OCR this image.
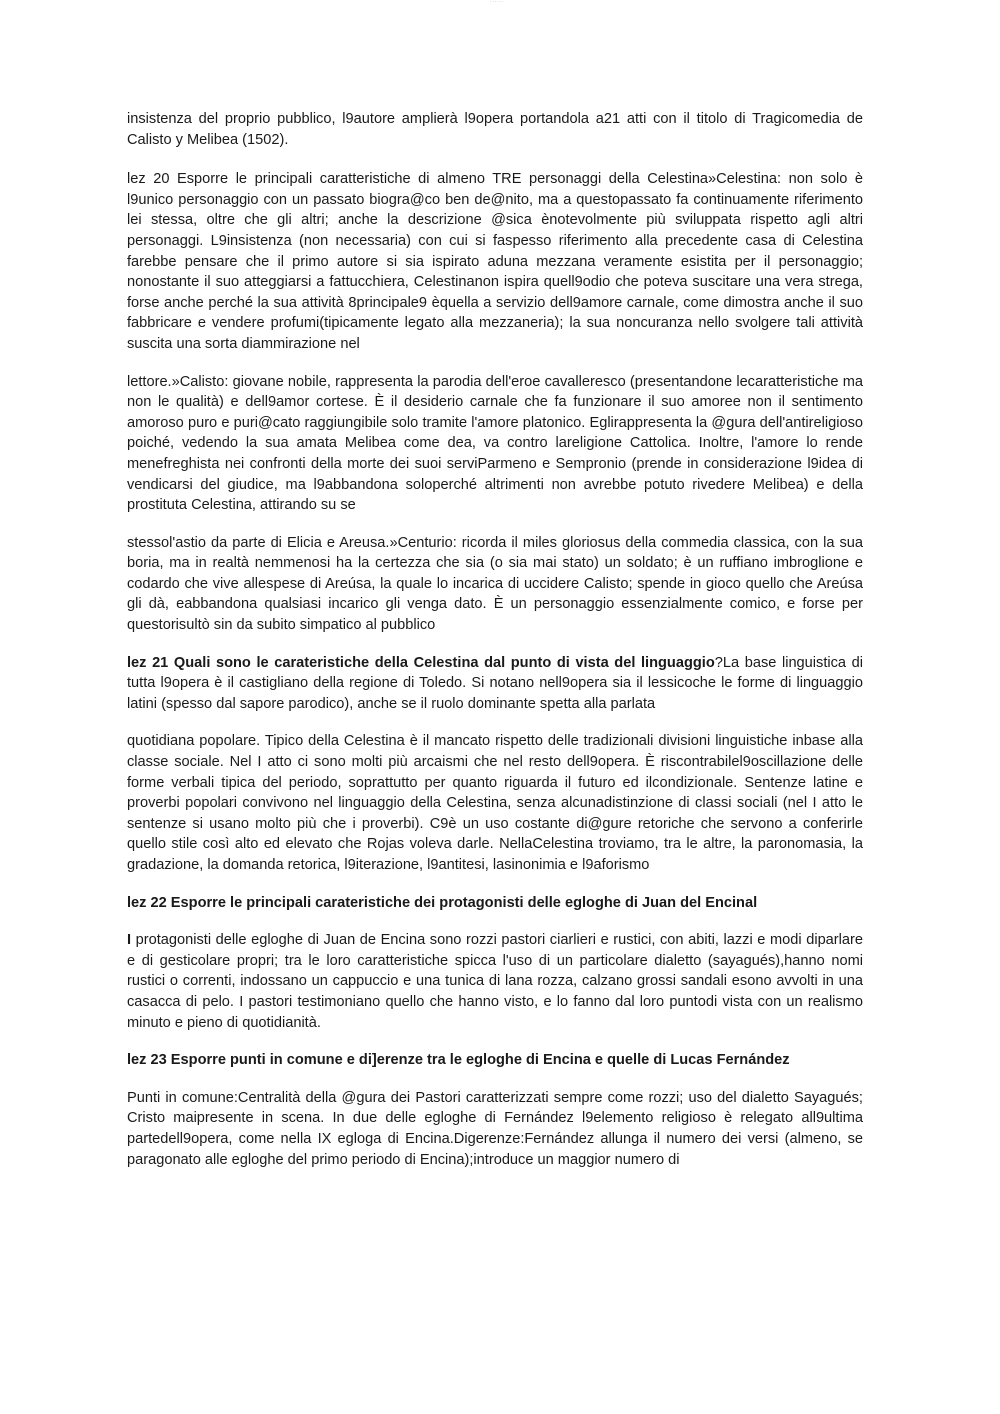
· · · · · ·

insistenza del proprio pubblico, l9autore amplierà l9opera portandola a21 atti con il titolo di Tragicomedia de Calisto y Melibea (1502).

lez 20 Esporre le principali caratteristiche di almeno TRE personaggi della Celestina»Celestina: non solo è l9unico personaggio con un passato biogra@co ben de@nito, ma a questopassato fa continuamente riferimento lei stessa, oltre che gli altri; anche la descrizione @sica ènotevolmente più sviluppata rispetto agli altri personaggi. L9insistenza (non necessaria) con cui si faspesso riferimento alla precedente casa di Celestina farebbe pensare che il primo autore si sia ispirato aduna mezzana veramente esistita per il personaggio; nonostante il suo atteggiarsi a fattucchiera, Celestinanon ispira quell9odio che poteva suscitare una vera strega, forse anche perché la sua attività 8principale9 èquella a servizio dell9amore carnale, come dimostra anche il suo fabbricare e vendere profumi(tipicamente legato alla mezzaneria); la sua noncuranza nello svolgere tali attività suscita una sorta diammirazione nel

lettore.»Calisto: giovane nobile, rappresenta la parodia dell'eroe cavalleresco (presentandone lecaratteristiche ma non le qualità) e dell9amor cortese. È il desiderio carnale che fa funzionare il suo amoree non il sentimento amoroso puro e puri@cato raggiungibile solo tramite l'amore platonico. Eglirappresenta la @gura dell'antireligioso poiché, vedendo la sua amata Melibea come dea, va contro lareligione Cattolica. Inoltre, l'amore lo rende menefreghista nei confronti della morte dei suoi serviParmeno e Sempronio (prende in considerazione l9idea di vendicarsi del giudice, ma l9abbandona soloperché altrimenti non avrebbe potuto rivedere Melibea) e della prostituta Celestina, attirando su se

stessol'astio da parte di Elicia e Areusa.»Centurio: ricorda il miles gloriosus della commedia classica, con la sua boria, ma in realtà nemmenosi ha la certezza che sia (o sia mai stato) un soldato; è un ruffiano imbroglione e codardo che vive allespese di Areúsa, la quale lo incarica di uccidere Calisto; spende in gioco quello che Areúsa gli dà, eabbandona qualsiasi incarico gli venga dato. È un personaggio essenzialmente comico, e forse per questorisultò sin da subito simpatico al pubblico

lez 21 Quali sono le carateristiche della Celestina dal punto di vista del linguaggio?La base linguistica di tutta l9opera è il castigliano della regione di Toledo. Si notano nell9opera sia il lessicoche le forme di linguaggio latini (spesso dal sapore parodico), anche se il ruolo dominante spetta alla parlata

quotidiana popolare. Tipico della Celestina è il mancato rispetto delle tradizionali divisioni linguistiche inbase alla classe sociale. Nel I atto ci sono molti più arcaismi che nel resto dell9opera. È riscontrabilel9oscillazione delle forme verbali tipica del periodo, soprattutto per quanto riguarda il futuro ed ilcondizionale. Sentenze latine e proverbi popolari convivono nel linguaggio della Celestina, senza alcunadistinzione di classi sociali (nel I atto le sentenze si usano molto più che i proverbi). C9è un uso costante di@gure retoriche che servono a conferirle quello stile così alto ed elevato che Rojas voleva darle. NellaCelestina troviamo, tra le altre, la paronomasia, la gradazione, la domanda retorica, l9iterazione, l9antitesi, lasinonimia e l9aforismo

lez 22 Esporre le principali carateristiche dei protagonisti delle egloghe di Juan del Encinal

I protagonisti delle egloghe di Juan de Encina sono rozzi pastori ciarlieri e rustici, con abiti, lazzi e modi diparlare e di gesticolare propri; tra le loro caratteristiche spicca l'uso di un particolare dialetto (sayagués),hanno nomi rustici o correnti, indossano un cappuccio e una tunica di lana rozza, calzano grossi sandali esono avvolti in una casacca di pelo. I pastori testimoniano quello che hanno visto, e lo fanno dal loro puntodi vista con un realismo minuto e pieno di quotidianità.

lez 23 Esporre punti in comune e di]erenze tra le egloghe di Encina e quelle di Lucas Fernández

Punti in comune:Centralità della @gura dei Pastori caratterizzati sempre come rozzi; uso del dialetto Sayagués; Cristo maipresente in scena. In due delle egloghe di Fernández l9elemento religioso è relegato all9ultima partedell9opera, come nella IX egloga di Encina.Digerenze:Fernández allunga il numero dei versi (almeno, se paragonato alle egloghe del primo periodo di Encina);introduce un maggior numero di
